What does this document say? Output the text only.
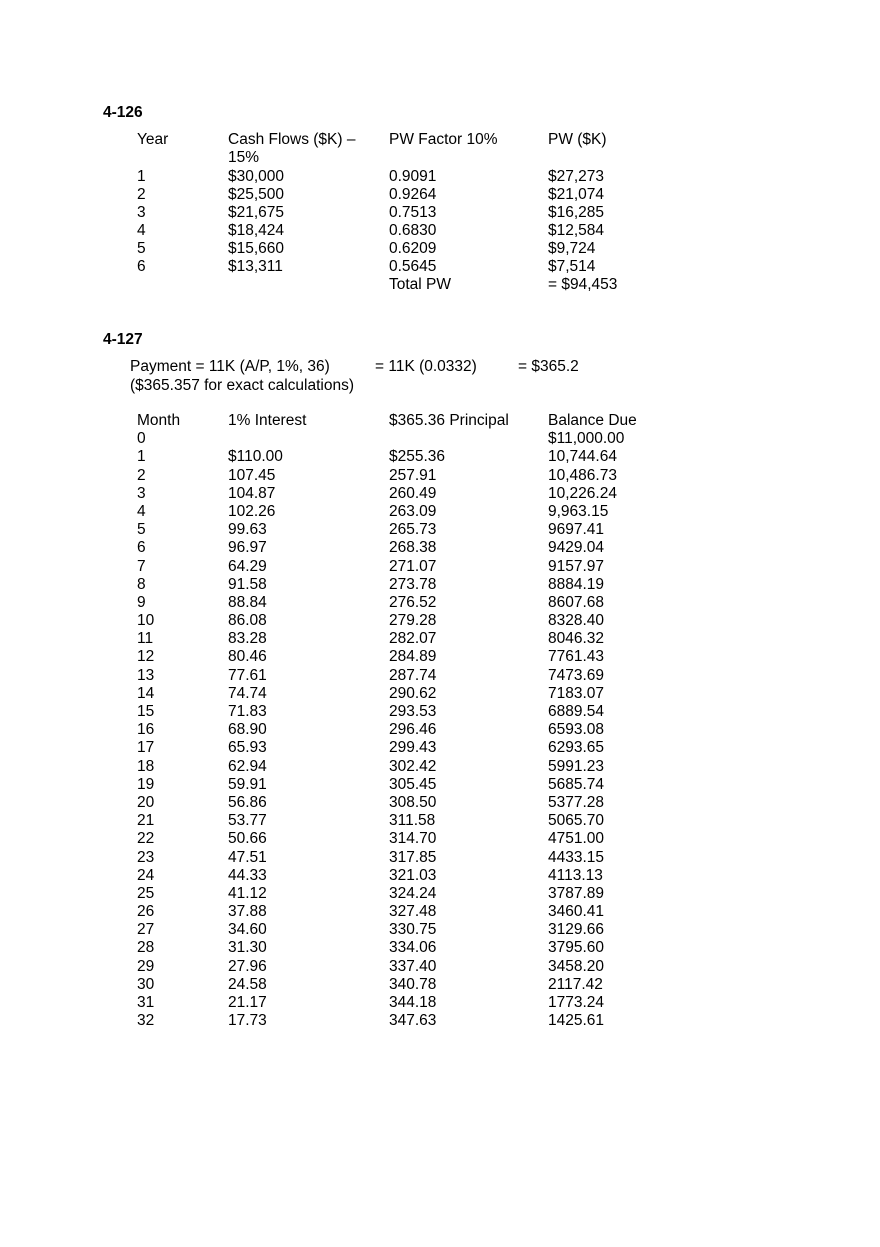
4-126
Year	Cash Flows ($K) – 15%	PW Factor 10%	PW ($K)
1	$30,000	0.9091	$27,273
2	$25,500	0.9264	$21,074
3	$21,675	0.7513	$16,285
4	$18,424	0.6830	$12,584
5	$15,660	0.6209	$9,724
6	$13,311	0.5645	$7,514
		Total PW	= $94,453
4-127
Payment = 11K (A/P, 1%, 36)	= 11K (0.0332)	= $365.2
($365.357 for exact calculations)
Month	1% Interest	$365.36 Principal	Balance Due
0			$11,000.00
1	$110.00	$255.36	10,744.64
2	107.45	257.91	10,486.73
3	104.87	260.49	10,226.24
4	102.26	263.09	9,963.15
5	99.63	265.73	9697.41
6	96.97	268.38	9429.04
7	64.29	271.07	9157.97
8	91.58	273.78	8884.19
9	88.84	276.52	8607.68
10	86.08	279.28	8328.40
11	83.28	282.07	8046.32
12	80.46	284.89	7761.43
13	77.61	287.74	7473.69
14	74.74	290.62	7183.07
15	71.83	293.53	6889.54
16	68.90	296.46	6593.08
17	65.93	299.43	6293.65
18	62.94	302.42	5991.23
19	59.91	305.45	5685.74
20	56.86	308.50	5377.28
21	53.77	311.58	5065.70
22	50.66	314.70	4751.00
23	47.51	317.85	4433.15
24	44.33	321.03	4113.13
25	41.12	324.24	3787.89
26	37.88	327.48	3460.41
27	34.60	330.75	3129.66
28	31.30	334.06	3795.60
29	27.96	337.40	3458.20
30	24.58	340.78	2117.42
31	21.17	344.18	1773.24
32	17.73	347.63	1425.61
